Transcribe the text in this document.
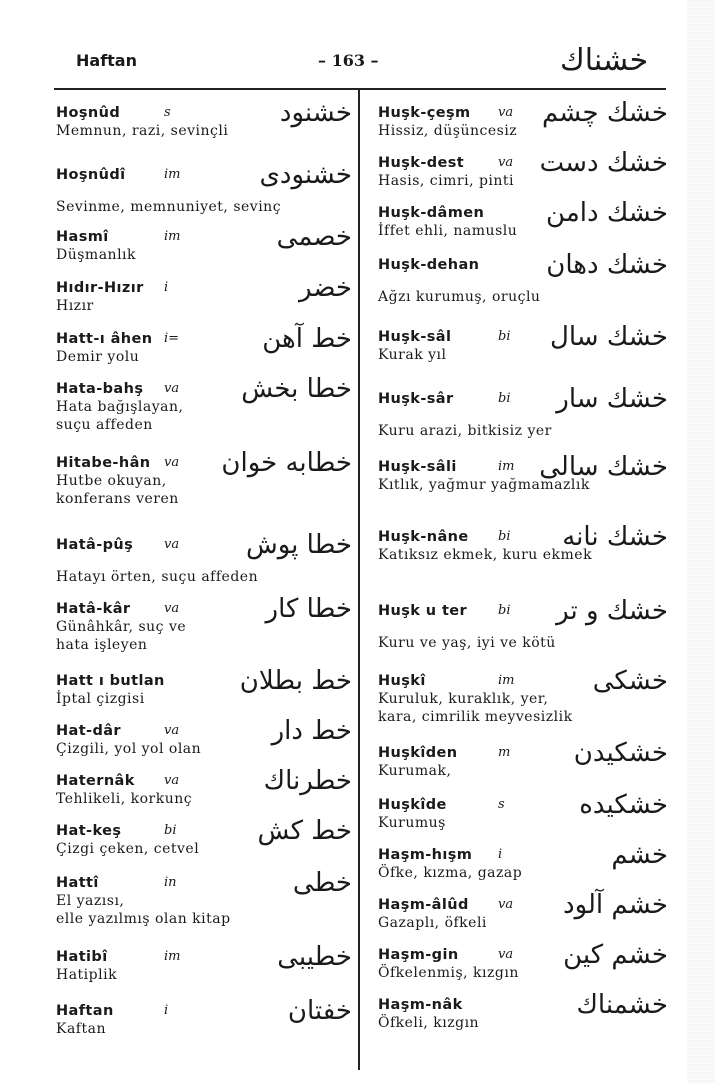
Haftan	– 163 –	خشناك
Hoşnûd	s	خشنود
Memnun, razi, sevinçli
Hoşnûdî	im	خشنودى
Sevinme, memnuniyet, sevinç
Hasmî	im	خصمى
Düşmanlık
Hıdır-Hızır	i	خضر
Hızır
Hatt-ı âhen i=	خط آهن
Demir yolu
Hata-bahş	va خطا بخش
Hata bağışlayan,
suçu affeden
Hitabe-hân	va خطابه خوان
Hutbe okuyan,
konferans veren
Hatâ-pûş	va	خطا پوش
Hatayı örten, suçu affeden
Hatâ-kâr	va	خطا كار
Günâhkâr, suç ve
hata işleyen
Hatt ı butlan	خط بطلان
İptal çizgisi
Hat-dâr	va	خط دار
Çizgili, yol yol olan
Haternâk	va	خطرناك
Tehlikeli, korkunç
Hat-keş	bi	خط كش
Çizgi çeken, cetvel
Hattî	in	خطى
El yazısı,
elle yazılmış olan kitap
Hatibî	im	خطيبى
Hatiplik
Haftan	i	خفتان
Kaftan
Huşk-çeşm	va خشك چشم
Hissiz, düşüncesiz
Huşk-dest	va خشك دست
Hasis, cimri, pinti
Huşk-dâmen	خشك دامن
İffet ehli, namuslu
Huşk-dehan	خشك دهان
Ağzı kurumuş, oruçlu
Huşk-sâl	bi خشك سال
Kurak yıl
Huşk-sâr	bi خشك سار
Kuru arazi, bitkisiz yer
Huşk-sâli	im خشك سالى
Kıtlık, yağmur yağmamazlık
Huşk-nâne	bi خشك نانه
Katıksız ekmek, kuru ekmek
Huşk u ter	bi خشك و تر
Kuru ve yaş, iyi ve kötü
Huşkî	im	خشكى
Kuruluk, kuraklık, yer,
kara, cimrilik meyvesizlik
Huşkîden	m خشكيدن
Kurumak,
Huşkîde	s	خشكيده
Kurumuş
Haşm-hışm	i	خشم
Öfke, kızma, gazap
Haşm-âlûd	va خشم آلود
Gazaplı, öfkeli
Haşm-gin	va خشم كين
Öfkelenmiş, kızgın
Haşm-nâk	خشمناك
Öfkeli, kızgın
